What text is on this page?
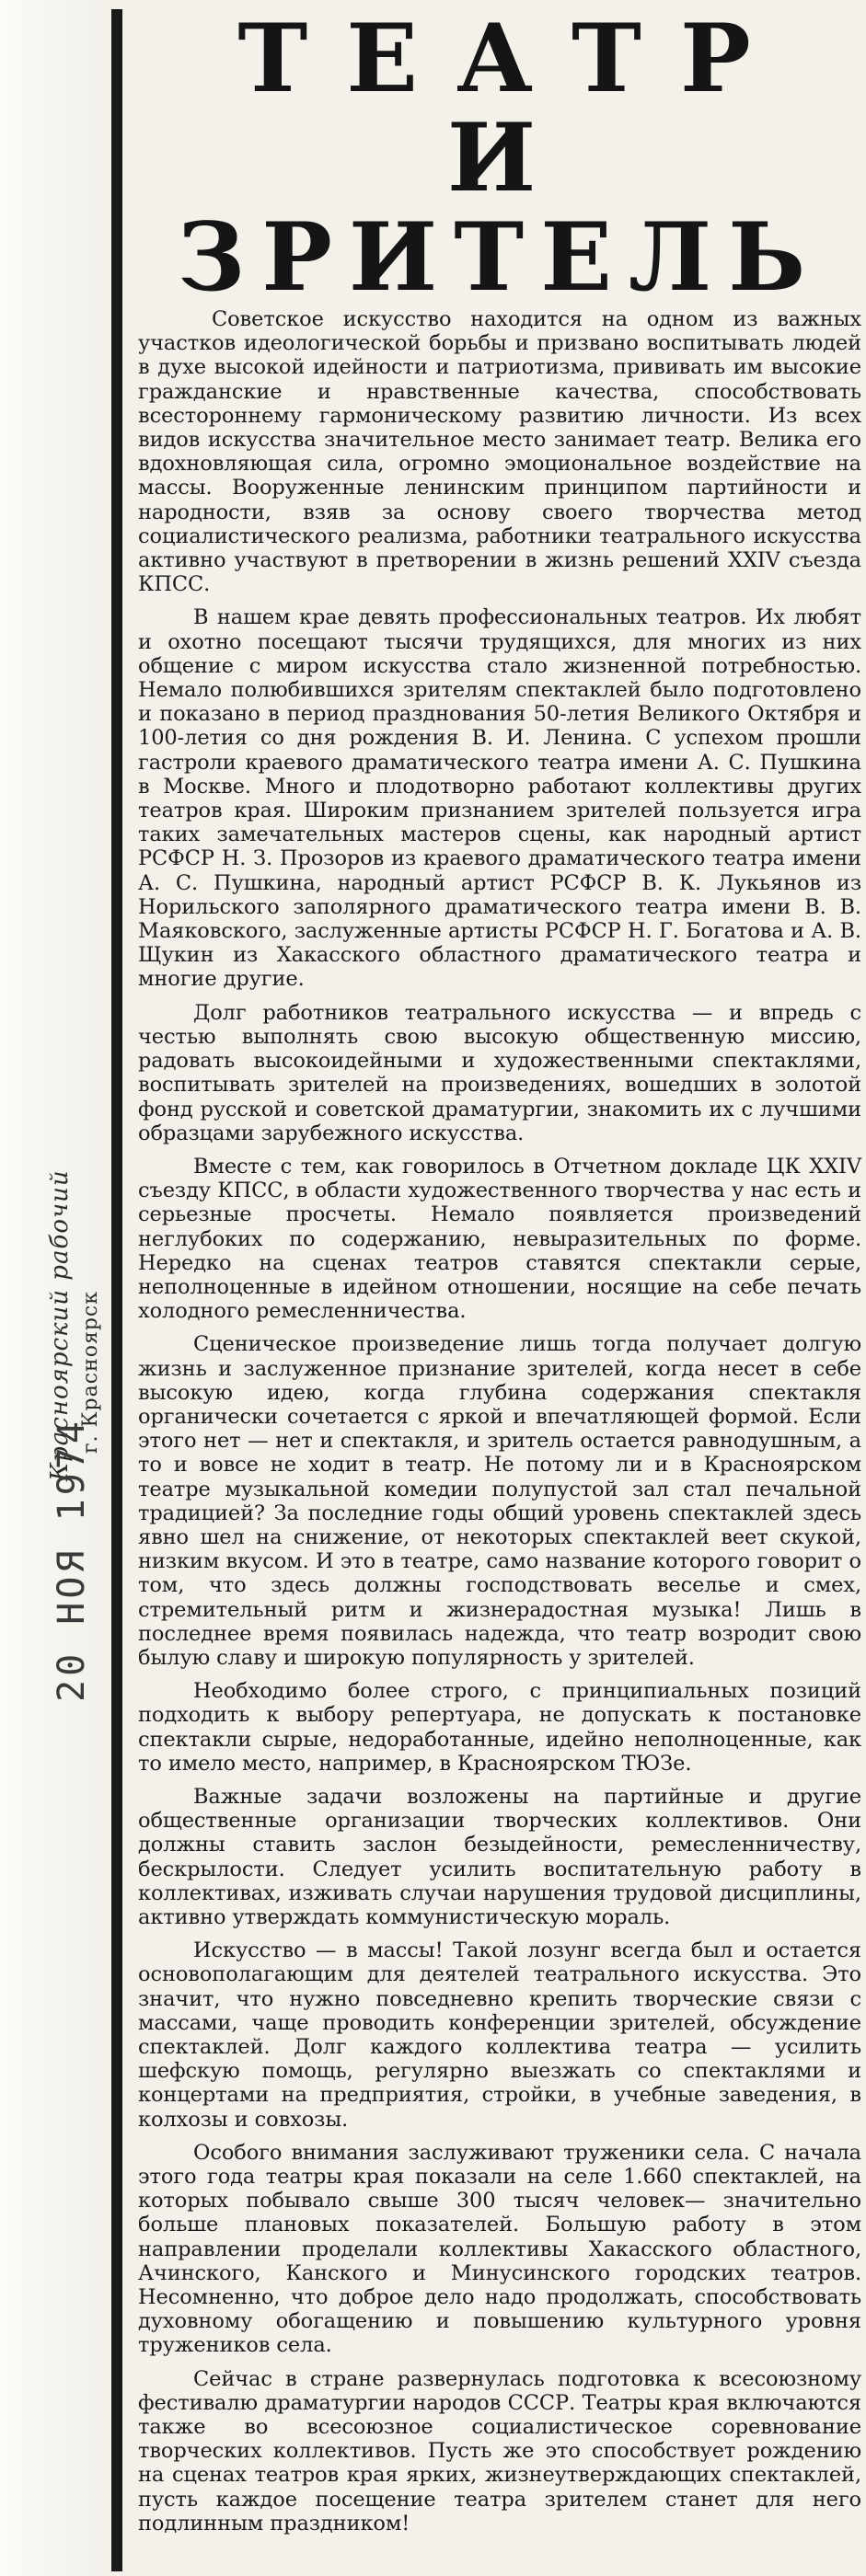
Красноярский рабочий г. Красноярск
20 НОЯ 1974
ТЕАТР
И ЗРИТЕЛЬ

Советское искусство находится на одном из важных участков идеологической борьбы и призвано воспитывать людей в духе высокой идейности и патриотизма, прививать им высокие гражданские и нравственные качества, способствовать всестороннему гармоническому развитию личности. Из всех видов искусства значительное место занимает театр. Велика его вдохновляющая сила, огромно эмоциональное воздействие на массы. Вооруженные ленинским принципом партийности и народности, взяв за основу своего творчества метод социалистического реализма, работники театрального искусства активно участвуют в претворении в жизнь решений XXIV съезда КПСС.

В нашем крае девять профессиональных театров. Их любят и охотно посещают тысячи трудящихся, для многих из них общение с миром искусства стало жизненной потребностью. Немало полюбившихся зрителям спектаклей было подготовлено и показано в период празднования 50-летия Великого Октября и 100-летия со дня рождения В. И. Ленина. С успехом прошли гастроли краевого драматического театра имени А. С. Пушкина в Москве. Много и плодотворно работают коллективы других театров края. Широким признанием зрителей пользуется игра таких замечательных мастеров сцены, как народный артист РСФСР Н. З. Прозоров из краевого драматического театра имени А. С. Пушкина, народный артист РСФСР В. К. Лукьянов из Норильского заполярного драматического театра имени В. В. Маяковского, заслуженные артисты РСФСР Н. Г. Богатова и А. В. Щукин из Хакасского областного драматического театра и многие другие.

Долг работников театрального искусства — и впредь с честью выполнять свою высокую общественную миссию, радовать высокоидейными и художественными спектаклями, воспитывать зрителей на произведениях, вошедших в золотой фонд русской и советской драматургии, знакомить их с лучшими образцами зарубежного искусства.

Вместе с тем, как говорилось в Отчетном докладе ЦК XXIV съезду КПСС, в области художественного творчества у нас есть и серьезные просчеты. Немало появляется произведений неглубоких по содержанию, невыразительных по форме. Нередко на сценах театров ставятся спектакли серые, неполноценные в идейном отношении, носящие на себе печать холодного ремесленничества.

Сценическое произведение лишь тогда получает долгую жизнь и заслуженное признание зрителей, когда несет в себе высокую идею, когда глубина содержания спектакля органически сочетается с яркой и впечатляющей формой. Если этого нет — нет и спектакля, и зритель остается равнодушным, а то и вовсе не ходит в театр. Не потому ли и в Красноярском театре музыкальной комедии полупустой зал стал печальной традицией? За последние годы общий уровень спектаклей здесь явно шел на снижение, от некоторых спектаклей веет скукой, низким вкусом. И это в театре, само название которого говорит о том, что здесь должны господствовать веселье и смех, стремительный ритм и жизнерадостная музыка! Лишь в последнее время появилась надежда, что театр возродит свою былую славу и широкую популярность у зрителей.

Необходимо более строго, с принципиальных позиций подходить к выбору репертуара, не допускать к постановке спектакли сырые, недоработанные, идейно неполноценные, как то имело место, например, в Красноярском ТЮЗе.

Важные задачи возложены на партийные и другие общественные организации творческих коллективов. Они должны ставить заслон безыдейности, ремесленничеству, бескрылости. Следует усилить воспитательную работу в коллективах, изживать случаи нарушения трудовой дисциплины, активно утверждать коммунистическую мораль.

Искусство — в массы! Такой лозунг всегда был и остается основополагающим для деятелей театрального искусства. Это значит, что нужно повседневно крепить творческие связи с массами, чаще проводить конференции зрителей, обсуждение спектаклей. Долг каждого коллектива театра — усилить шефскую помощь, регулярно выезжать со спектаклями и концертами на предприятия, стройки, в учебные заведения, в колхозы и совхозы.

Особого внимания заслуживают труженики села. С начала этого года театры края показали на селе 1.660 спектаклей, на которых побывало свыше 300 тысяч человек— значительно больше плановых показателей. Большую работу в этом направлении проделали коллективы Хакасского областного, Ачинского, Канского и Минусинского городских театров. Несомненно, что доброе дело надо продолжать, способствовать духовному обогащению и повышению культурного уровня тружеников села.

Сейчас в стране развернулась подготовка к всесоюзному фестивалю драматургии народов СССР. Театры края включаются также во всесоюзное социалистическое соревнование творческих коллективов. Пусть же это способствует рождению на сценах театров края ярких, жизнеутверждающих спектаклей, пусть каждое посещение театра зрителем станет для него подлинным праздником!
